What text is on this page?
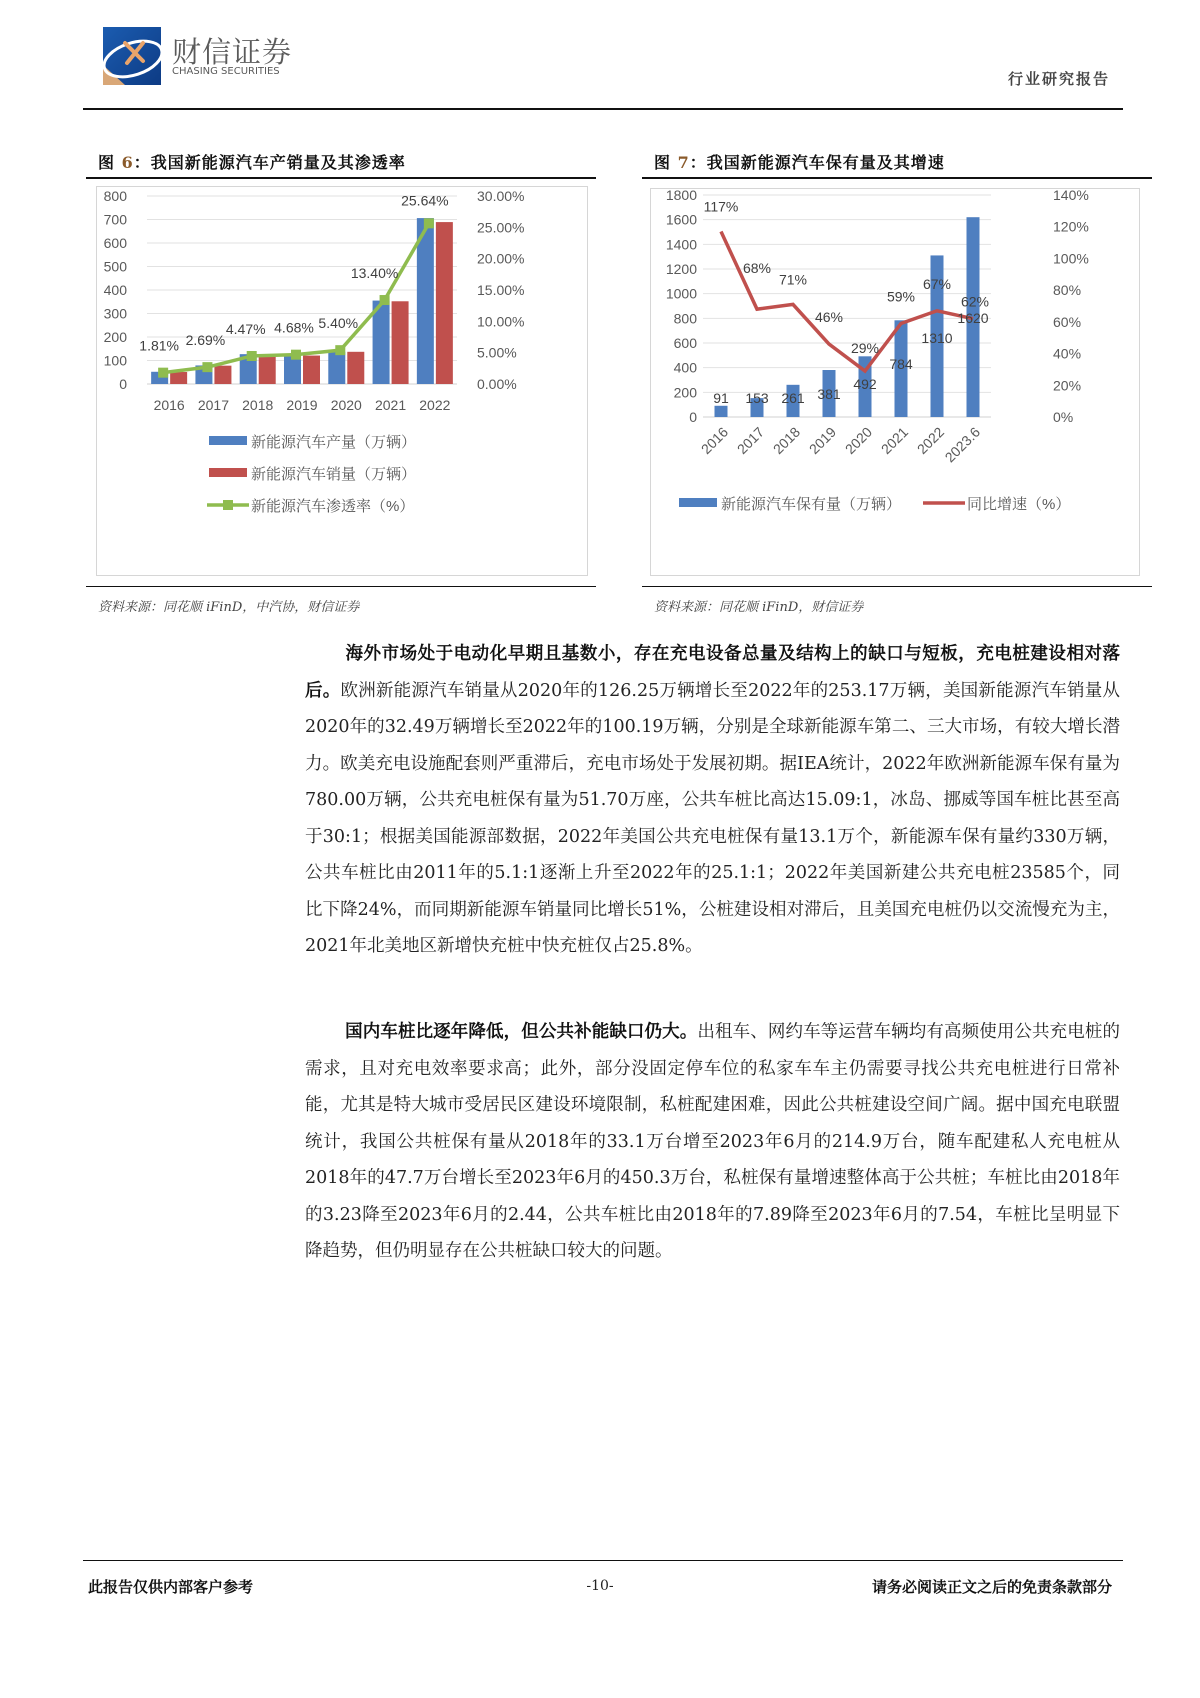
财信证券
CHASING SECURITIES	行业研究报告
图 6：我国新能源汽车产销量及其渗透率
800
700
600
500
400
300
200
100
0
30.00%
25.00%
20.00%
15.00%
10.00%
5.00%
0.00%
2016 2017 2018 2019 2020 2021 2022
1.81% 2.69%
4.47% 4.68% 5.40%
13.40%
25.64%
新能源汽车产量（万辆）
新能源汽车销量（万辆）
新能源汽车渗透率（%）
资料来源：同花顺 iFinD，中汽协，财信证券
图 7：我国新能源汽车保有量及其增速
1800
1600
1400
1200
1000
800
600
400
200
0
140%
120%
100%
80%
60%
40%
20%
0%
2016 2017 2018 2019 2020 2021 2022
2023.6
91 153 261 381
492
784
1310
1620
117%
68%
71%
46%
29%
59%
67%
62%
新能源汽车保有量（万辆）	同比增速（%）
资料来源：同花顺 iFinD，财信证券
海外市场处于电动化早期且基数小，存在充电设备总量及结构上的缺口与短板，充电桩建设相对落后。欧洲新能源汽车销量从2020年的126.25万辆增长至2022年的253.17万辆，美国新能源汽车销量从2020年的32.49万辆增长至2022年的100.19万辆，分别是全球新能源车第二、三大市场，有较大增长潜力。欧美充电设施配套则严重滞后，充电市场处于发展初期。据IEA统计，2022年欧洲新能源车保有量为780.00万辆，公共充电桩保有量为51.70万座，公共车桩比高达15.09:1，冰岛、挪威等国车桩比甚至高于30:1；根据美国能源部数据，2022年美国公共充电桩保有量13.1万个，新能源车保有量约330万辆，公共车桩比由2011年的5.1:1逐渐上升至2022年的25.1:1；2022年美国新建公共充电桩23585个，同比下降24%，而同期新能源车销量同比增长51%，公桩建设相对滞后，且美国充电桩仍以交流慢充为主，2021年北美地区新增快充桩中快充桩仅占25.8%。
国内车桩比逐年降低，但公共补能缺口仍大。出租车、网约车等运营车辆均有高频使用公共充电桩的需求，且对充电效率要求高；此外，部分没固定停车位的私家车车主仍需要寻找公共充电桩进行日常补能，尤其是特大城市受居民区建设环境限制，私桩配建困难，因此公共桩建设空间广阔。据中国充电联盟统计，我国公共桩保有量从2018年的33.1万台增至2023年6月的214.9万台，随车配建私人充电桩从2018年的47.7万台增长至2023年6月的450.3万台，私桩保有量增速整体高于公共桩；车桩比由2018年的3.23降至2023年6月的2.44，公共车桩比由2018年的7.89降至2023年6月的7.54，车桩比呈明显下降趋势，但仍明显存在公共桩缺口较大的问题。
此报告仅供内部客户参考	-10-	请务必阅读正文之后的免责条款部分
